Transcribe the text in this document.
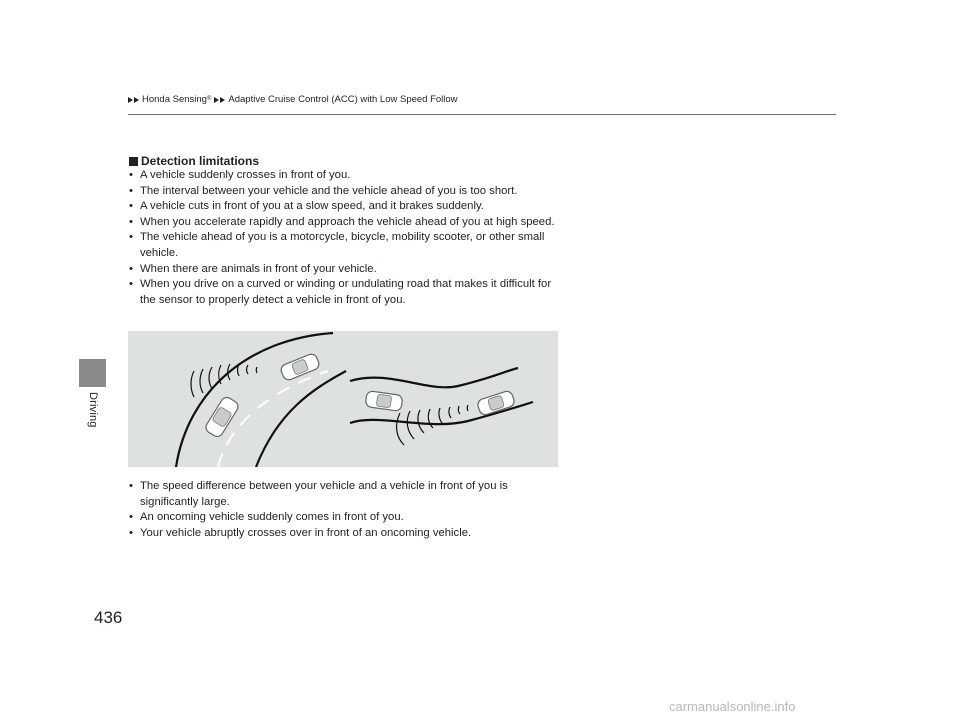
Driving
Honda Sensing ® Adaptive Cruise Control (ACC) with Low Speed Follow
Detection limitations
• A vehicle suddenly crosses in front of you.
• The interval between your vehicle and the vehicle ahead of you is too short.
• A vehicle cuts in front of you at a slow speed, and it brakes suddenly.
• When you accelerate rapidly and approach the vehicle ahead of you at high speed.
• The vehicle ahead of you is a motorcycle, bicycle, mobility scooter, or other small vehicle.
• When there are animals in front of your vehicle.
• When you drive on a curved or winding or undulating road that makes it difficult for the sensor to properly detect a vehicle in front of you.
• The speed difference between your vehicle and a vehicle in front of you is significantly large.
• An oncoming vehicle suddenly comes in front of you.
• Your vehicle abruptly crosses over in front of an oncoming vehicle.
436
carmanualsonline.info
